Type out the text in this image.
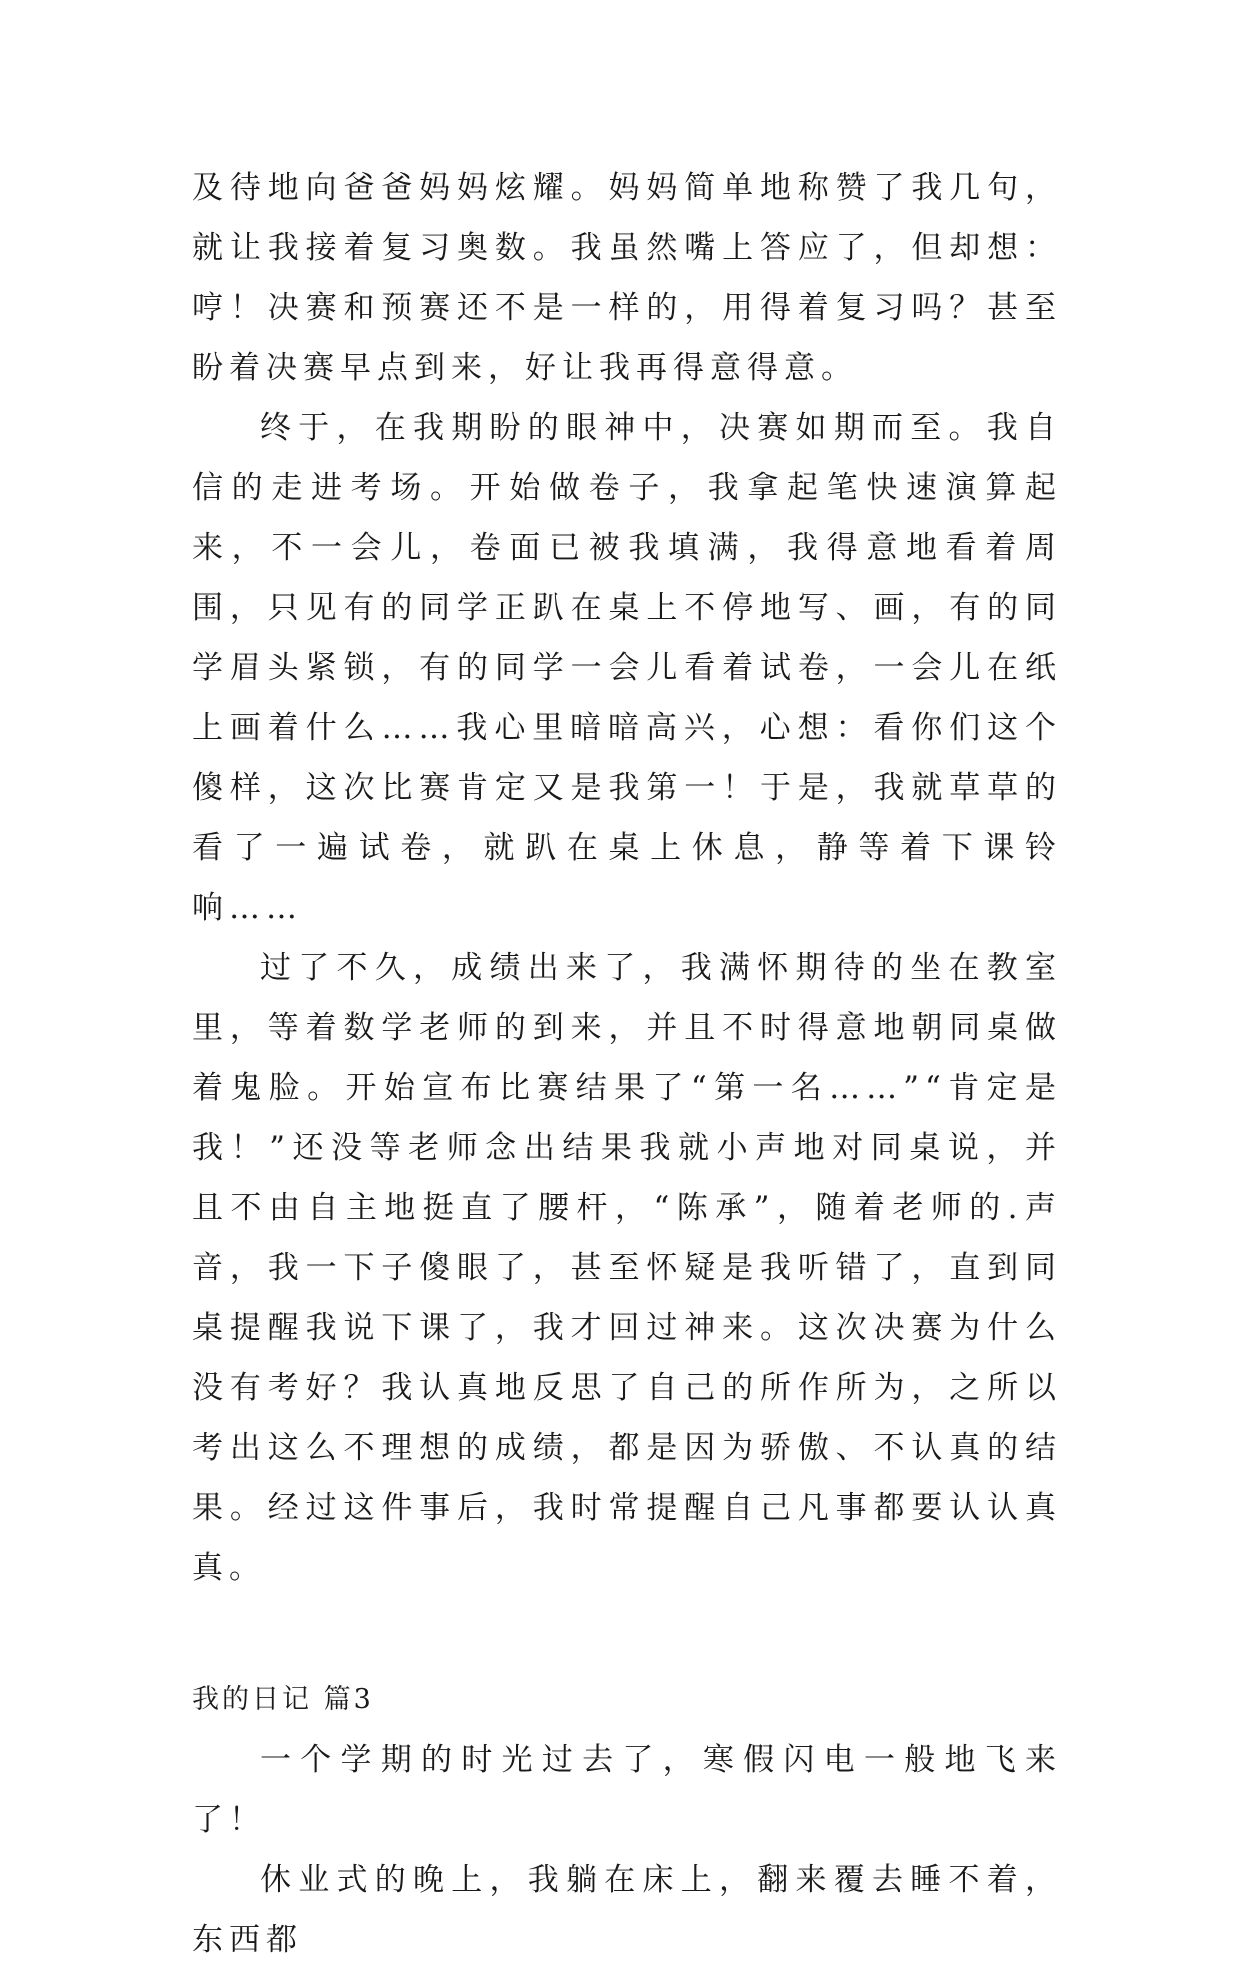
及待地向爸爸妈妈炫耀。妈妈简单地称赞了我几句，就让我接着复习奥数。我虽然嘴上答应了，但却想：哼！决赛和预赛还不是一样的，用得着复习吗？甚至盼着决赛早点到来，好让我再得意得意。

终于，在我期盼的眼神中，决赛如期而至。我自信的走进考场。开始做卷子，我拿起笔快速演算起来，不一会儿，卷面已被我填满，我得意地看着周围，只见有的同学正趴在桌上不停地写、画，有的同学眉头紧锁，有的同学一会儿看着试卷，一会儿在纸上画着什么……我心里暗暗高兴，心想：看你们这个傻样，这次比赛肯定又是我第一！于是，我就草草的看了一遍试卷，就趴在桌上休息，静等着下课铃响……

过了不久，成绩出来了，我满怀期待的坐在教室里，等着数学老师的到来，并且不时得意地朝同桌做着鬼脸。开始宣布比赛结果了“第一名……”“肯定是我！”还没等老师念出结果我就小声地对同桌说，并且不由自主地挺直了腰杆，“陈承”，随着老师的.声音，我一下子傻眼了，甚至怀疑是我听错了，直到同桌提醒我说下课了，我才回过神来。这次决赛为什么没有考好？我认真地反思了自己的所作所为，之所以考出这么不理想的成绩，都是因为骄傲、不认真的结果。经过这件事后，我时常提醒自己凡事都要认认真真。

我的日记 篇3

一个学期的时光过去了，寒假闪电一般地飞来了！

休业式的晚上，我躺在床上，翻来覆去睡不着，东西都
